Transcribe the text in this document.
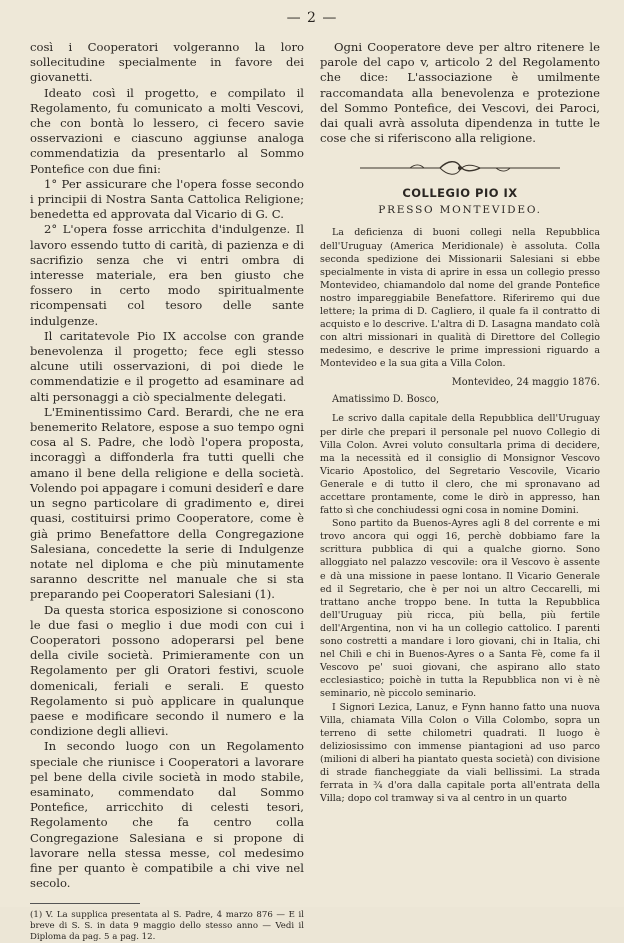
— 2 —

così i Cooperatori volgeranno la loro sollecitudine specialmente in favore dei giovanetti.

Ideato così il progetto, e compilato il Regolamento, fu comunicato a molti Vescovi, che con bontà lo lessero, ci fecero savie osservazioni e ciascuno aggiunse analoga commendatizia da presentarlo al Sommo Pontefice con due fini:

1° Per assicurare che l'opera fosse secondo i principii di Nostra Santa Cattolica Religione; benedetta ed approvata dal Vicario di G. C.

2° L'opera fosse arricchita d'indulgenze. Il lavoro essendo tutto di carità, di pazienza e di sacrifizio senza che vi entri ombra di interesse materiale, era ben giusto che fossero in certo modo spiritualmente ricompensati col tesoro delle sante indulgenze.

Il caritatevole Pio IX accolse con grande benevolenza il progetto; fece egli stesso alcune utili osservazioni, di poi diede le commendatizie e il progetto ad esaminare ad alti personaggi a ciò specialmente delegati.

L'Eminentissimo Card. Berardi, che ne era benemerito Relatore, espose a suo tempo ogni cosa al S. Padre, che lodò l'opera proposta, incoraggì a diffonderla fra tutti quelli che amano il bene della religione e della società. Volendo poi appagare i comuni desiderî e dare un segno particolare di gradimento e, direi quasi, costituirsi primo Cooperatore, come è già primo Benefattore della Congregazione Salesiana, concedette la serie di Indulgenze notate nel diploma e che più minutamente saranno descritte nel manuale che si sta preparando pei Cooperatori Salesiani (1).

Da questa storica esposizione si conoscono le due fasi o meglio i due modi con cui i Cooperatori possono adoperarsi pel bene della civile società. Primieramente con un Regolamento per gli Oratori festivi, scuole domenicali, feriali e serali. E questo Regolamento si può applicare in qualunque paese e modificare secondo il numero e la condizione degli allievi.

In secondo luogo con un Regolamento speciale che riunisce i Cooperatori a lavorare pel bene della civile società in modo stabile, esaminato, commendato dal Sommo Pontefice, arricchito di celesti tesori, Regolamento che fa centro colla Congregazione Salesiana e si propone di lavorare nella stessa messe, col medesimo fine per quanto è compatibile a chi vive nel secolo.

(1) V. La supplica presentata al S. Padre, 4 marzo 876 — E il breve di S. S. in data 9 maggio dello stesso anno — Vedi il Diploma da pag. 5 a pag. 12.

Ogni Cooperatore deve per altro ritenere le parole del capo v, articolo 2 del Regolamento che dice: L'associazione è umilmente raccomandata alla benevolenza e protezione del Sommo Pontefice, dei Vescovi, dei Paroci, dai quali avrà assoluta dipendenza in tutte le cose che si riferiscono alla religione.

COLLEGIO PIO IX

PRESSO MONTEVIDEO.

La deficienza di buoni collegi nella Repubblica dell'Uruguay (America Meridionale) è assoluta. Colla seconda spedizione dei Missionarii Salesiani si ebbe specialmente in vista di aprire in essa un collegio presso Montevideo, chiamandolo dal nome del grande Pontefice nostro impareggiabile Benefattore. Riferiremo qui due lettere; la prima di D. Cagliero, il quale fa il contratto di acquisto e lo descrive. L'altra di D. Lasagna mandato colà con altri missionari in qualità di Direttore del Collegio medesimo, e descrive le prime impressioni riguardo a Montevideo e la sua gita a Villa Colon.

Montevideo, 24 maggio 1876.

Amatissimo D. Bosco,

Le scrivo dalla capitale della Repubblica dell'Uruguay per dirle che prepari il personale pel nuovo Collegio di Villa Colon. Avrei voluto consultarla prima di decidere, ma la necessità ed il consiglio di Monsignor Vescovo Vicario Apostolico, del Segretario Vescovile, Vicario Generale e di tutto il clero, che mi spronavano ad accettare prontamente, come le dirò in appresso, han fatto sì che conchiudessi ogni cosa in nomine Domini.

Sono partito da Buenos-Ayres agli 8 del corrente e mi trovo ancora qui oggi 16, perchè dobbiamo fare la scrittura pubblica di qui a qualche giorno. Sono alloggiato nel palazzo vescovile: ora il Vescovo è assente e dà una missione in paese lontano. Il Vicario Generale ed il Segretario, che è per noi un altro Ceccarelli, mi trattano anche troppo bene. In tutta la Repubblica dell'Uruguay più ricca, più bella, più fertile dell'Argentina, non vi ha un collegio cattolico. I parenti sono costretti a mandare i loro giovani, chi in Italia, chi nel Chilì e chi in Buenos-Ayres o a Santa Fè, come fa il Vescovo pe' suoi giovani, che aspirano allo stato ecclesiastico; poichè in tutta la Repubblica non vi è nè seminario, nè piccolo seminario.

I Signori Lezica, Lanuz, e Fynn hanno fatto una nuova Villa, chiamata Villa Colon o Villa Colombo, sopra un terreno di sette chilometri quadrati. Il luogo è deliziosissimo con immense piantagioni ad uso parco (milioni di alberi ha piantato questa società) con divisione di strade fiancheggiate da viali bellissimi. La strada ferrata in ¾ d'ora dalla capitale porta all'entrata della Villa; dopo col tramway si va al centro in un quarto
